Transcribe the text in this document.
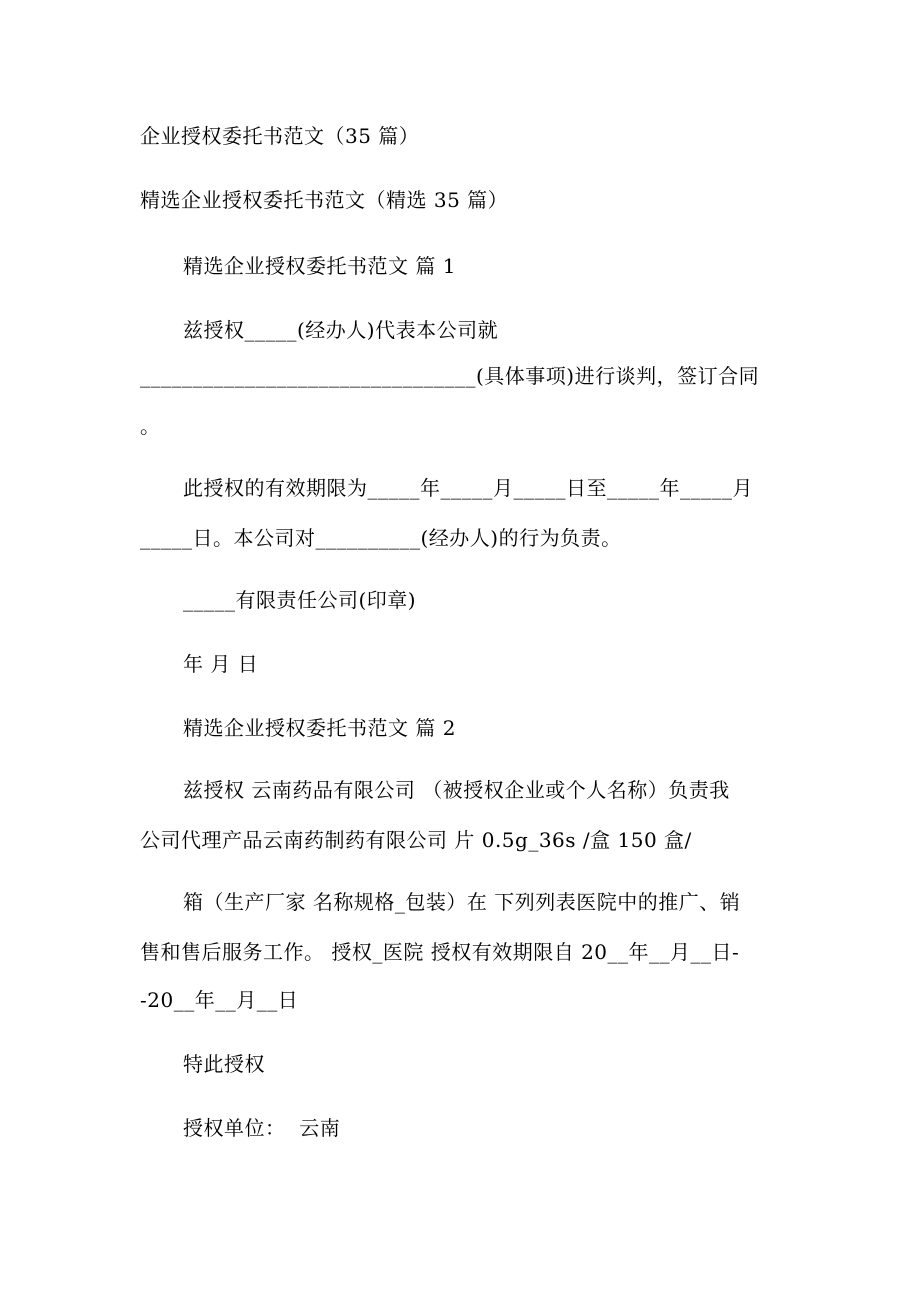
企业授权委托书范文（35 篇）
精选企业授权委托书范文（精选 35 篇）
精选企业授权委托书范文 篇 1
兹授权_____(经办人)代表本公司就
________________________________(具体事项)进行谈判，签订合同
。
此授权的有效期限为_____年_____月_____日至_____年_____月
_____日。本公司对__________(经办人)的行为负责。
_____有限责任公司(印章)
年 月 日
精选企业授权委托书范文 篇 2
兹授权 云南药品有限公司 （被授权企业或个人名称）负责我
公司代理产品云南药制药有限公司 片 0.5g_36s /盒 150 盒/
箱（生产厂家 名称规格_包装）在 下列列表医院中的推广、销
售和售后服务工作。 授权_医院 授权有效期限自 20__年__月__日-
-20__年__月__日
特此授权
授权单位：  云南
